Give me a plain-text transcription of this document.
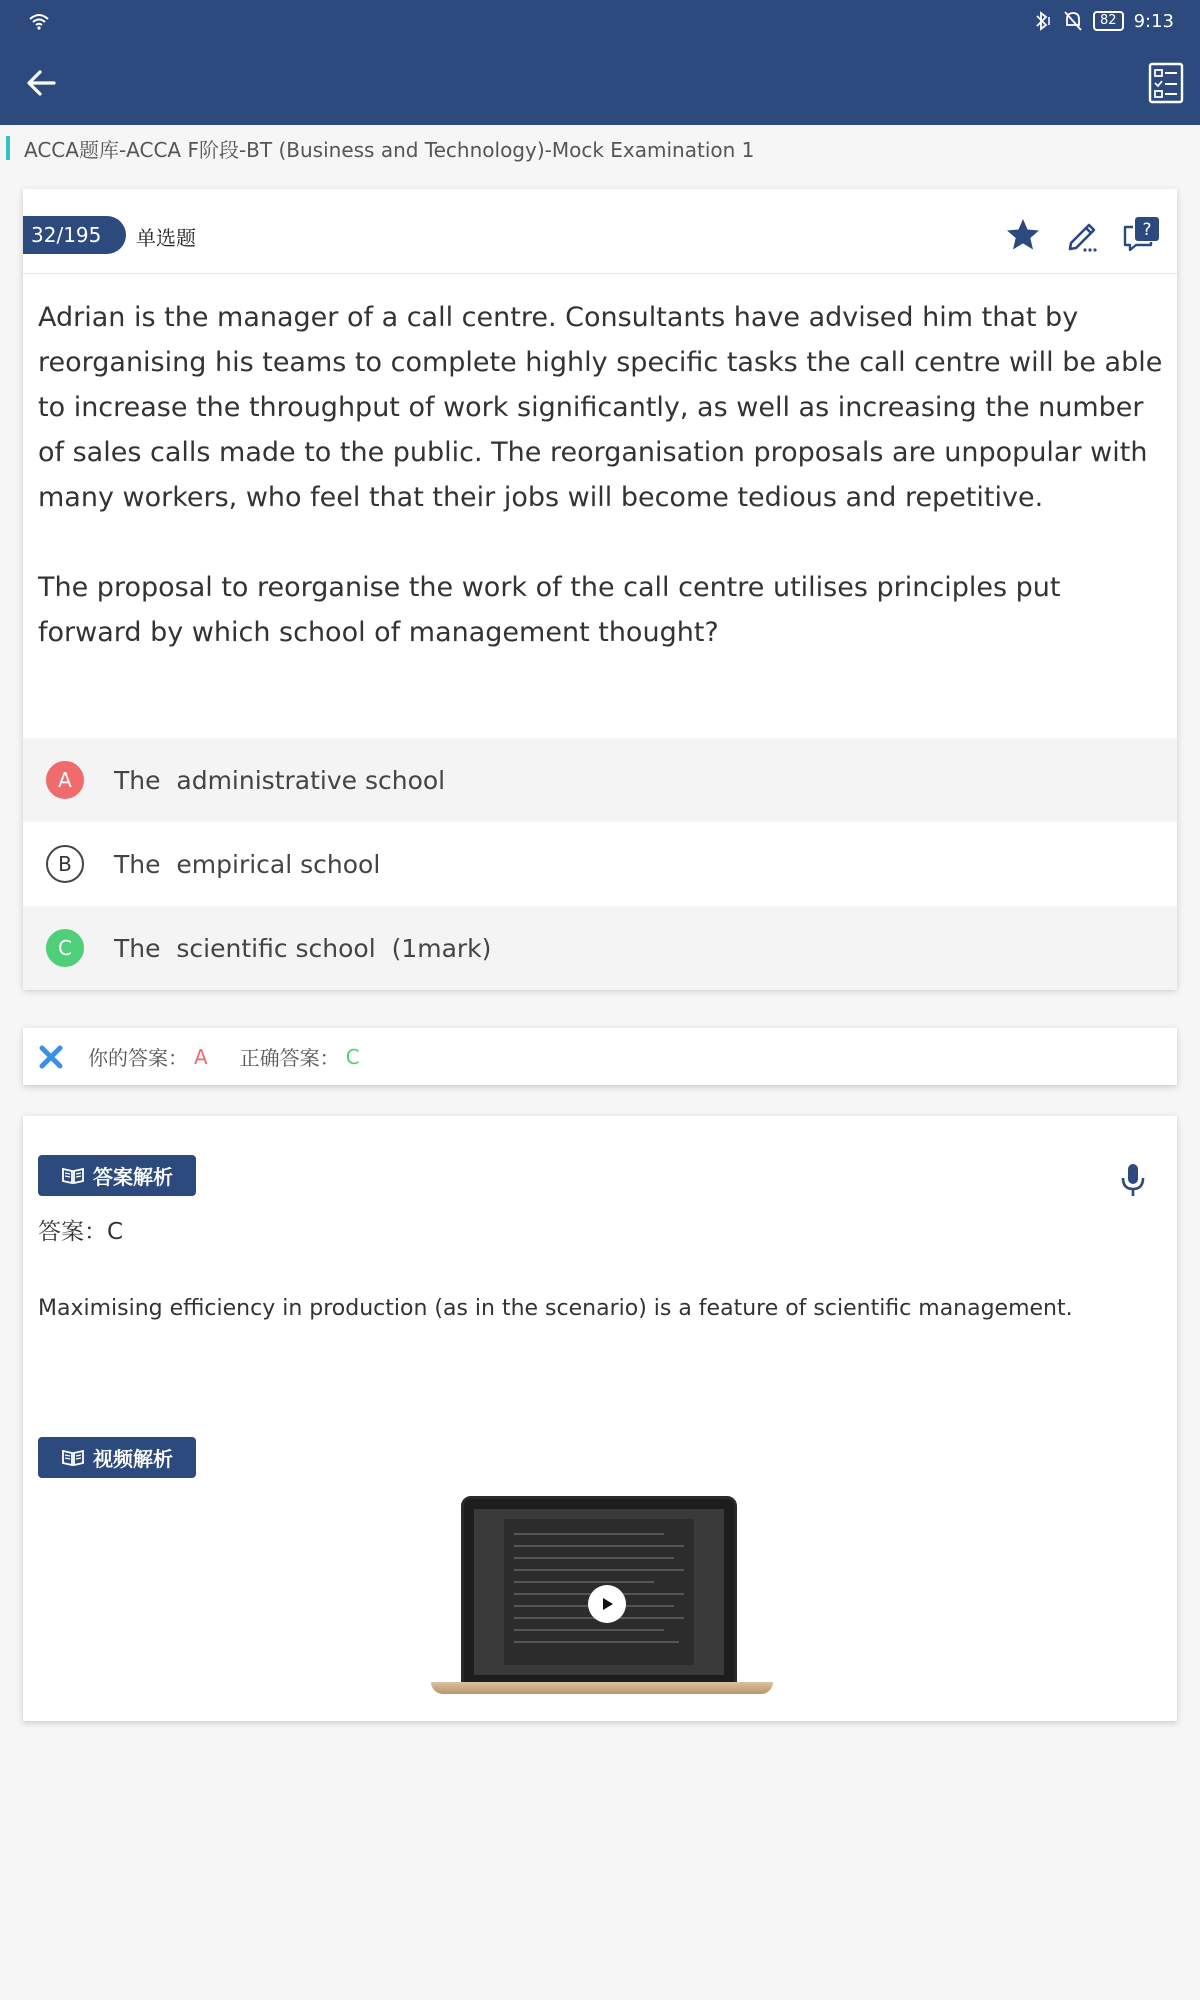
82 9:13
ACCA题库-ACCA F阶段-BT (Business and Technology)-Mock Examination 1
32/195	单选题	?

Adrian is the manager of a call centre. Consultants have advised him that by reorganising his teams to complete highly specific tasks the call centre will be able to increase the throughput of work significantly, as well as increasing the number of sales calls made to the public. The reorganisation proposals are unpopular with many workers, who feel that their jobs will become tedious and repetitive.

The proposal to reorganise the work of the call centre utilises principles put forward by which school of management thought?

A	The  administrative school
B	The  empirical school
C	The  scientific school  (1mark)
你的答案： A 正确答案： C
答案解析
答案：C
Maximising efficiency in production (as in the scenario) is a feature of scientific management.
视频解析
